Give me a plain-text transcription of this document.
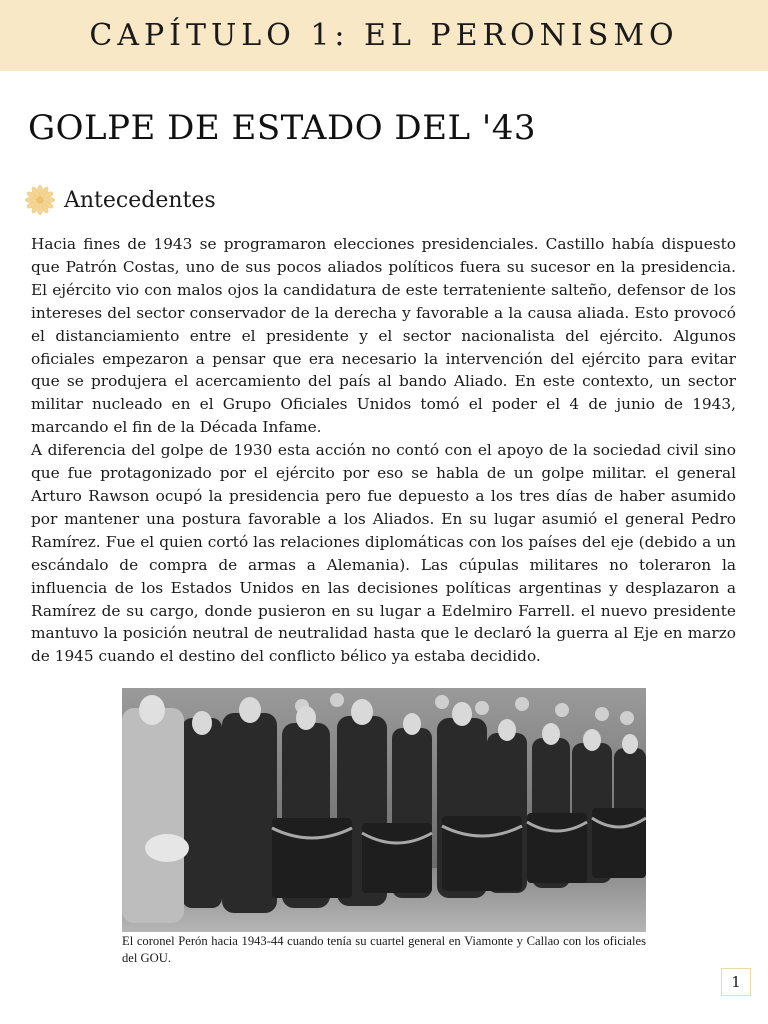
CAPÍTULO 1: EL PERONISMO
GOLPE DE ESTADO DEL '43
Antecedentes

Hacia fines de 1943 se programaron elecciones presidenciales. Castillo había dispuesto que Patrón Costas, uno de sus pocos aliados políticos fuera su sucesor en la presidencia. El ejército vio con malos ojos la candidatura de este terrateniente salteño, defensor de los intereses del sector conservador de la derecha y favorable a la causa aliada. Esto provocó el distanciamiento entre el presidente y el sector nacionalista del ejército. Algunos oficiales empezaron a pensar que era necesario la intervención del ejército para evitar que se produjera el acercamiento del país al bando Aliado. En este contexto, un sector militar nucleado en el Grupo Oficiales Unidos tomó el poder el 4 de junio de 1943, marcando el fin de la Década Infame.

A diferencia del golpe de 1930 esta acción no contó con el apoyo de la sociedad civil sino que fue protagonizado por el ejército por eso se habla de un golpe militar. el general Arturo Rawson ocupó la presidencia pero fue depuesto a los tres días de haber asumido por mantener una postura favorable a los Aliados. En su lugar asumió el general Pedro Ramírez. Fue el quien cortó las relaciones diplomáticas con los países del eje (debido a un escándalo de compra de armas a Alemania). Las cúpulas militares no toleraron la influencia de los Estados Unidos en las decisiones políticas argentinas y desplazaron a Ramírez de su cargo, donde pusieron en su lugar a Edelmiro Farrell. el nuevo presidente mantuvo la posición neutral de neutralidad hasta que le declaró la guerra al Eje en marzo de 1945 cuando el destino del conflicto bélico ya estaba decidido.

El coronel Perón hacia 1943-44 cuando tenía su cuartel general en Viamonte y Callao con los oficiales del GOU.
1
